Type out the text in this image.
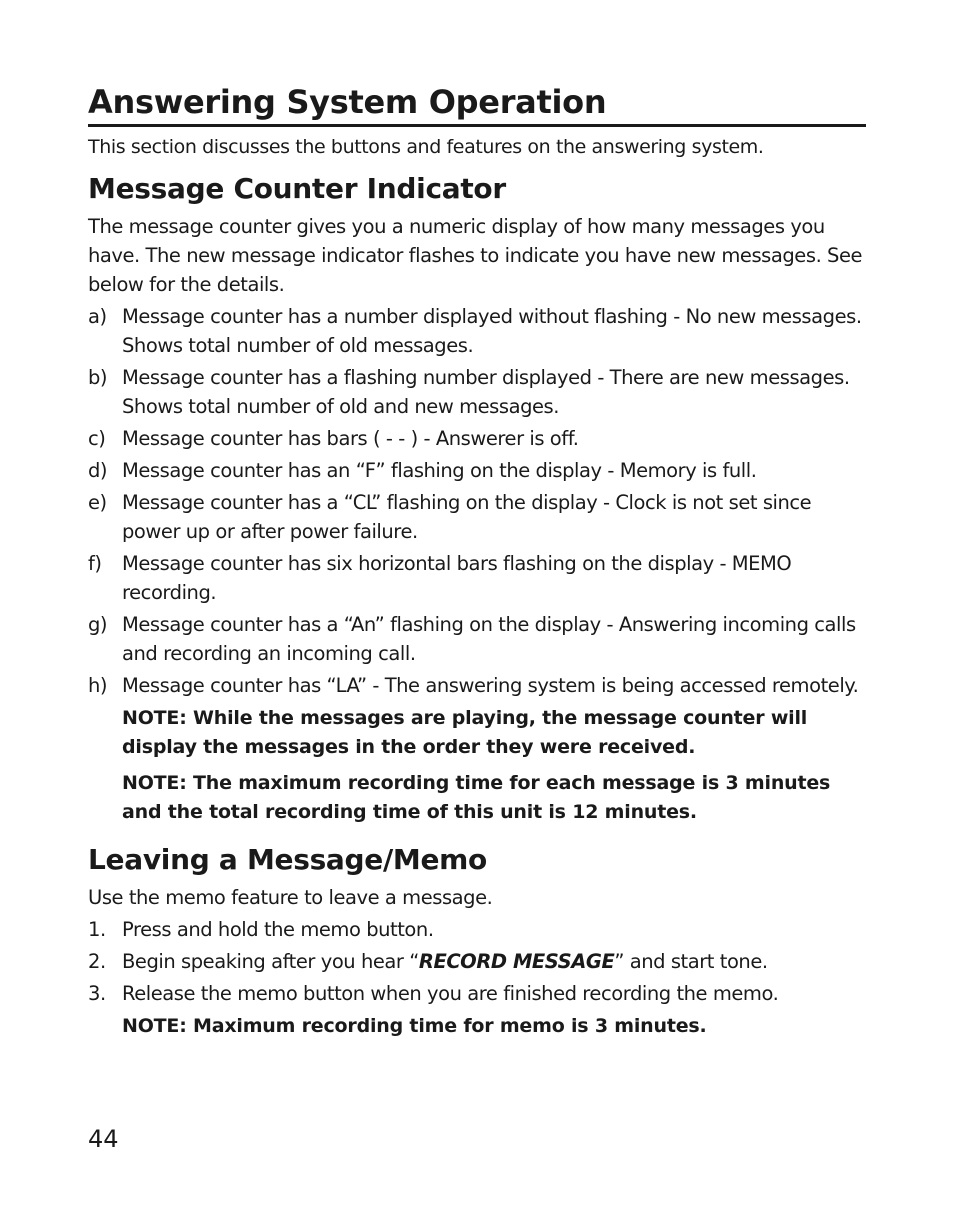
Answering System Operation

This section discusses the buttons and features on the answering system.

Message Counter Indicator

The message counter gives you a numeric display of how many messages you have. The new message indicator flashes to indicate you have new messages. See below for the details.

a) Message counter has a number displayed without flashing - No new messages. Shows total number of old messages.
b) Message counter has a flashing number displayed - There are new messages. Shows total number of old and new messages.
c) Message counter has bars ( - - ) - Answerer is off.
d) Message counter has an “F” flashing on the display - Memory is full.
e) Message counter has a “CL” flashing on the display - Clock is not set since power up or after power failure.
f) Message counter has six horizontal bars flashing on the display - MEMO recording.
g) Message counter has a “An” flashing on the display - Answering incoming calls and recording an incoming call.
h) Message counter has “LA” - The answering system is being accessed remotely.

NOTE: While the messages are playing, the message counter will display the messages in the order they were received.

NOTE: The maximum recording time for each message is 3 minutes and the total recording time of this unit is 12 minutes.

Leaving a Message/Memo

Use the memo feature to leave a message.

1. Press and hold the memo button.
2. Begin speaking after you hear “RECORD MESSAGE” and start tone.
3. Release the memo button when you are finished recording the memo.

NOTE: Maximum recording time for memo is 3 minutes.

44
